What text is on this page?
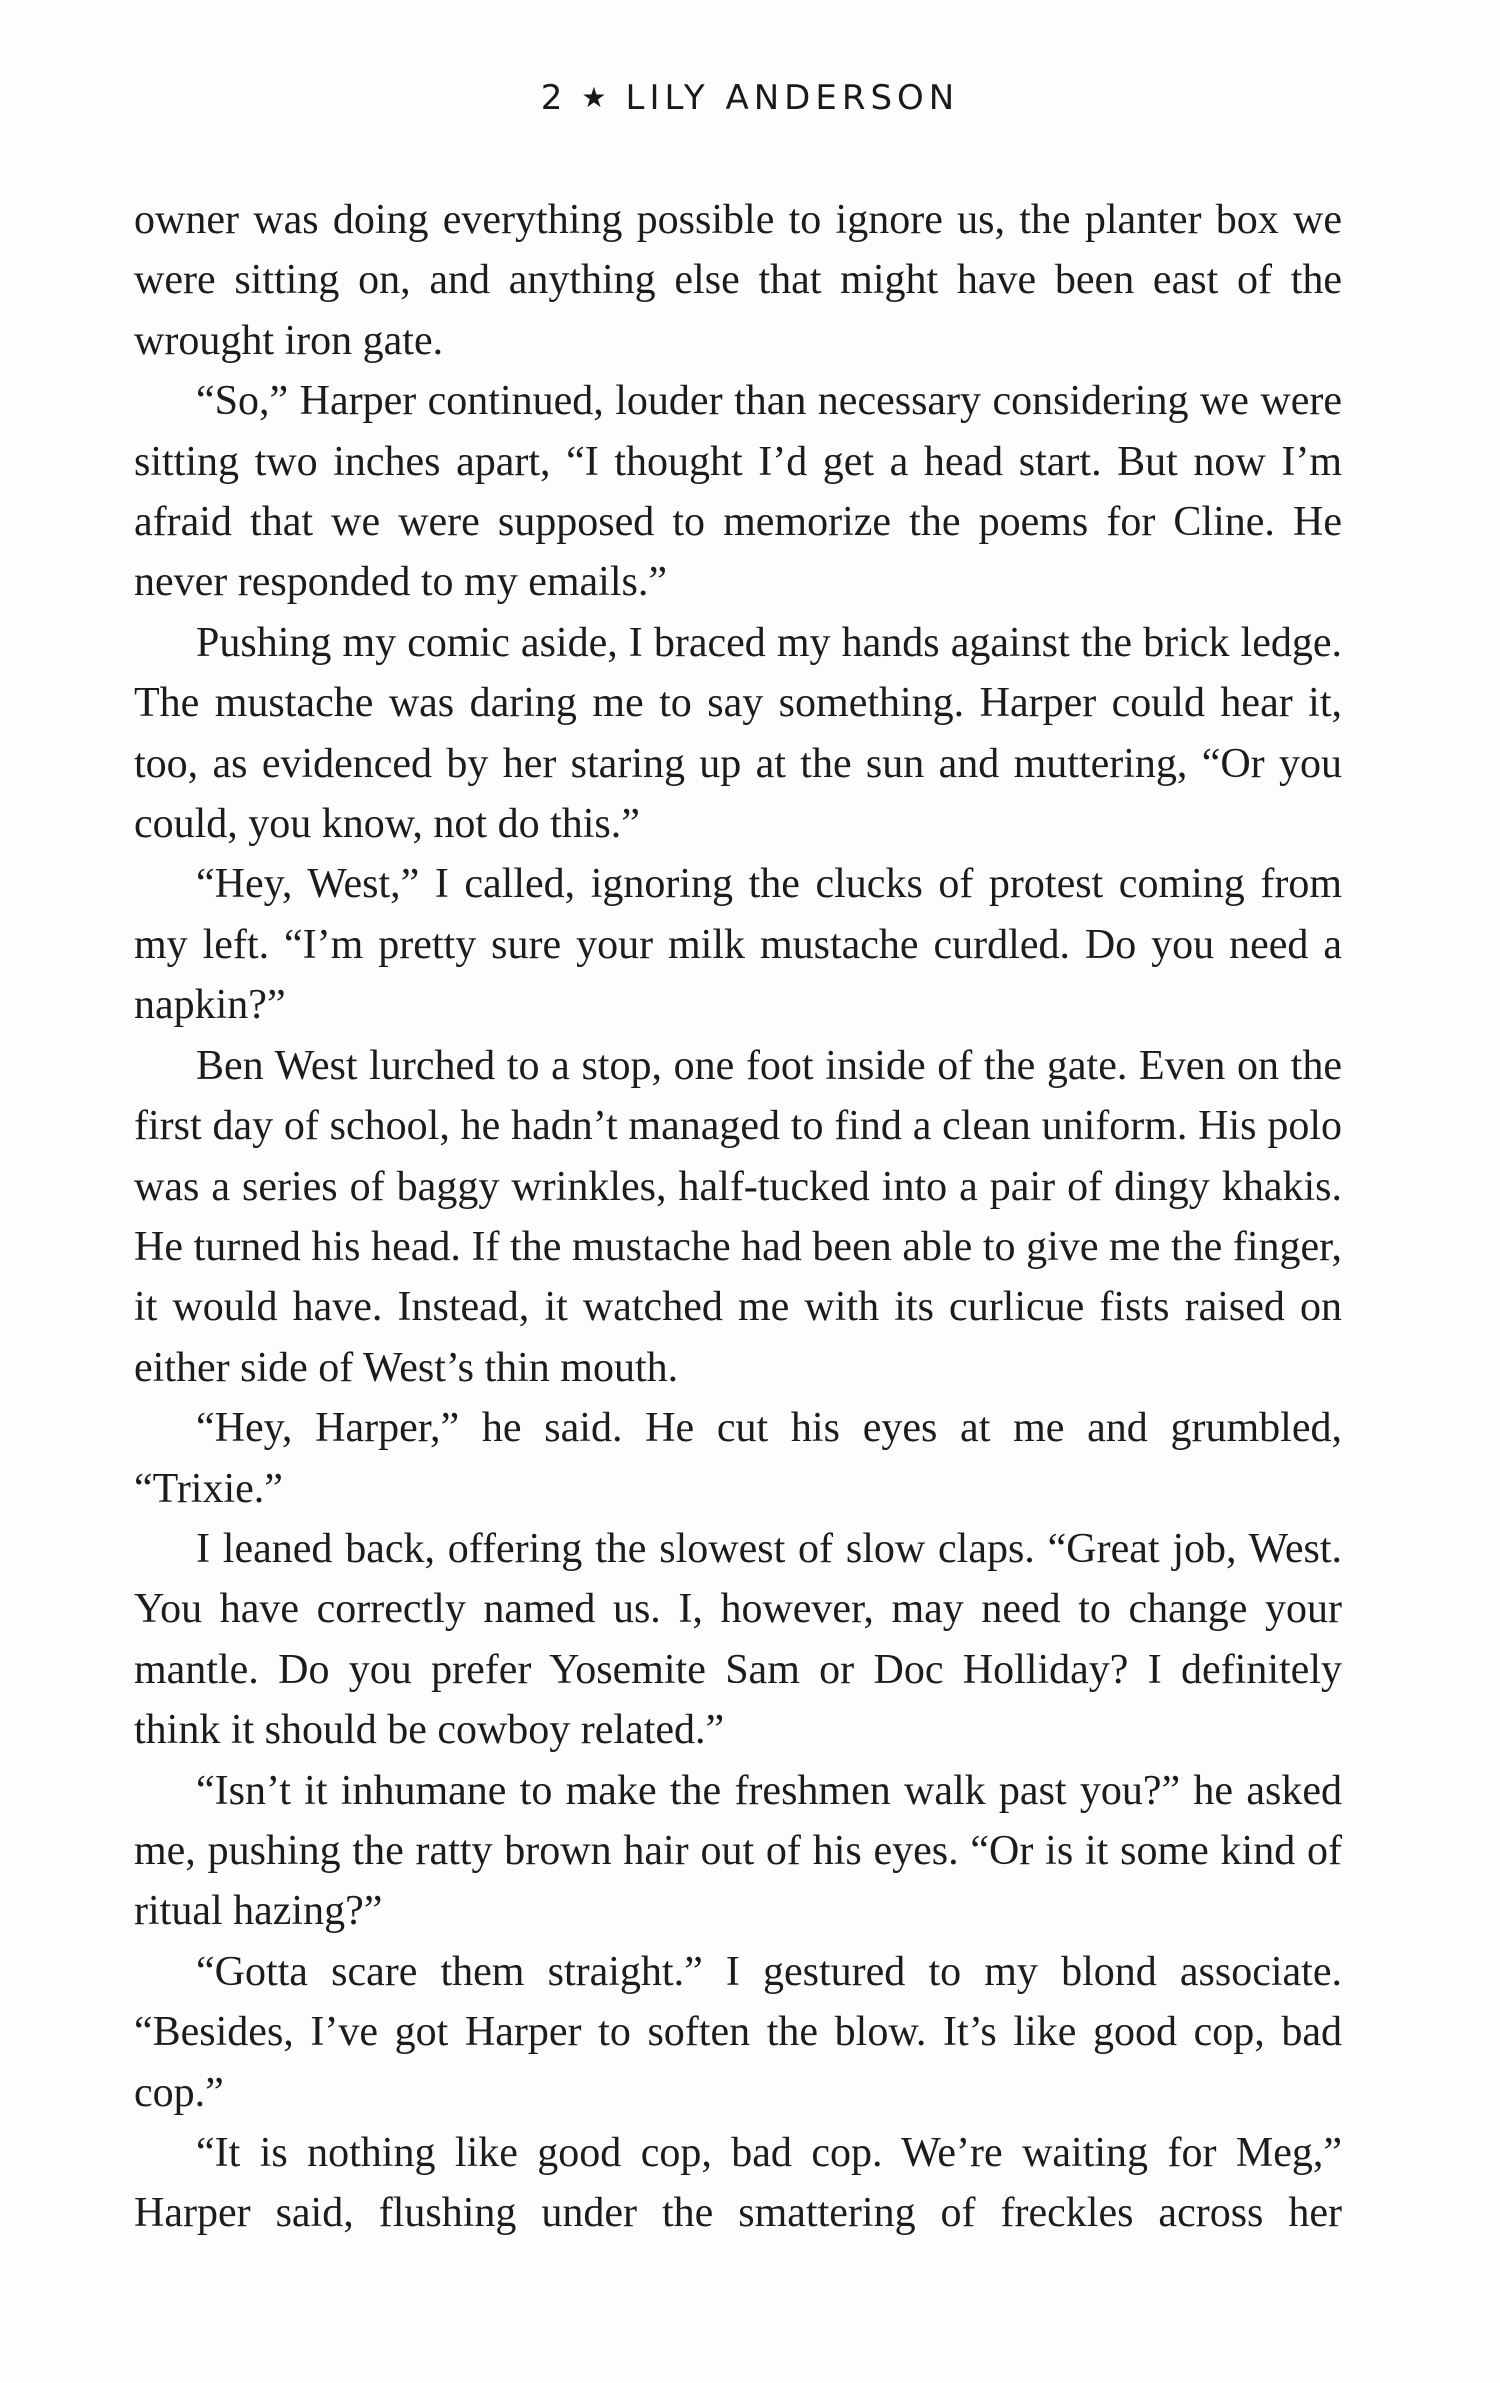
2 ★ LILY ANDERSON

owner was doing everything possible to ignore us, the planter box we were sitting on, and anything else that might have been east of the wrought iron gate.

“So,” Harper continued, louder than necessary considering we were sitting two inches apart, “I thought I’d get a head start. But now I’m afraid that we were supposed to memorize the poems for Cline. He never responded to my emails.”

Pushing my comic aside, I braced my hands against the brick ledge. The mustache was daring me to say something. Harper could hear it, too, as evidenced by her staring up at the sun and muttering, “Or you could, you know, not do this.”

“Hey, West,” I called, ignoring the clucks of protest coming from my left. “I’m pretty sure your milk mustache curdled. Do you need a napkin?”

Ben West lurched to a stop, one foot inside of the gate. Even on the first day of school, he hadn’t managed to find a clean uniform. His polo was a series of baggy wrinkles, half-tucked into a pair of dingy khakis. He turned his head. If the mustache had been able to give me the finger, it would have. Instead, it watched me with its curlicue fists raised on either side of West’s thin mouth.

“Hey, Harper,” he said. He cut his eyes at me and grumbled, “Trixie.”

I leaned back, offering the slowest of slow claps. “Great job, West. You have correctly named us. I, however, may need to change your mantle. Do you prefer Yosemite Sam or Doc Holliday? I definitely think it should be cowboy related.”

“Isn’t it inhumane to make the freshmen walk past you?” he asked me, pushing the ratty brown hair out of his eyes. “Or is it some kind of ritual hazing?”

“Gotta scare them straight.” I gestured to my blond associate. “Besides, I’ve got Harper to soften the blow. It’s like good cop, bad cop.”

“It is nothing like good cop, bad cop. We’re waiting for Meg,” Harper said, flushing under the smattering of freckles across her
